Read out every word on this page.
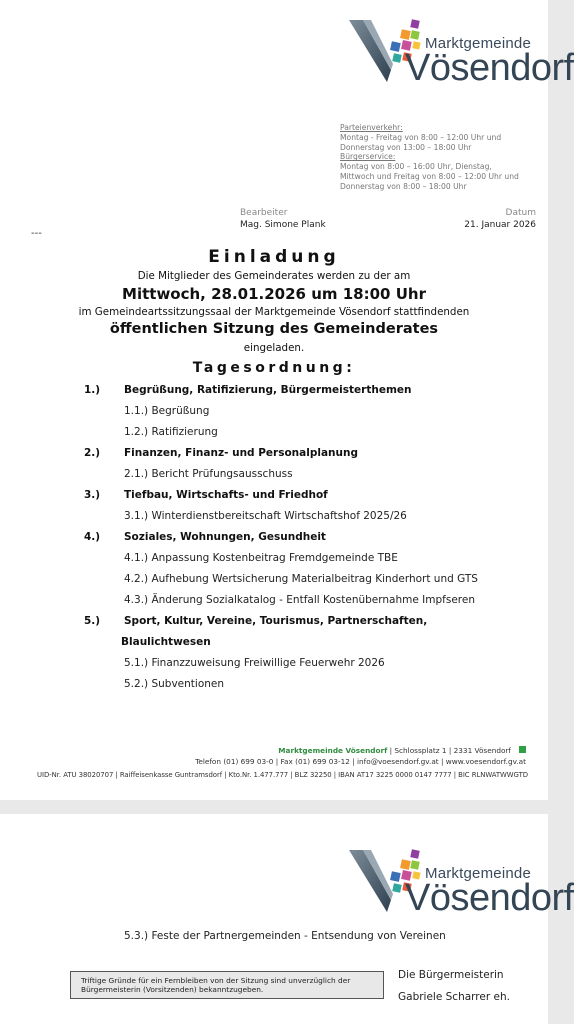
Marktgemeinde
Vösendorf
Parteienverkehr:
Montag - Freitag von 8:00 – 12:00 Uhr und
Donnerstag von 13:00 – 18:00 Uhr
Bürgerservice:
Montag von 8:00 – 16:00 Uhr, Dienstag,
Mittwoch und Freitag von 8:00 – 12:00 Uhr und
Donnerstag von 8:00 – 18:00 Uhr
Bearbeiter
Mag. Simone Plank
Datum
21. Januar 2026
---
Einladung
Die Mitglieder des Gemeinderates werden zu der am
Mittwoch, 28.01.2026 um 18:00 Uhr
im Gemeindeartssitzungssaal der Marktgemeinde Vösendorf stattfindenden
öffentlichen Sitzung des Gemeinderates
eingeladen.
Tagesordnung:
1.) Begrüßung, Ratifizierung, Bürgermeisterthemen
1.1.) Begrüßung
1.2.) Ratifizierung
2.) Finanzen, Finanz- und Personalplanung
2.1.) Bericht Prüfungsausschuss
3.) Tiefbau, Wirtschafts- und Friedhof
3.1.) Winterdienstbereitschaft Wirtschaftshof 2025/26
4.) Soziales, Wohnungen, Gesundheit
4.1.) Anpassung Kostenbeitrag Fremdgemeinde TBE
4.2.) Aufhebung Wertsicherung Materialbeitrag Kinderhort und GTS
4.3.) Änderung Sozialkatalog - Entfall Kostenübernahme Impfseren
5.) Sport, Kultur, Vereine, Tourismus, Partnerschaften,
Blaulichtwesen
5.1.) Finanzzuweisung Freiwillige Feuerwehr 2026
5.2.) Subventionen
Marktgemeinde Vösendorf | Schlossplatz 1 | 2331 Vösendorf
Telefon (01) 699 03-0 | Fax (01) 699 03-12 | info@voesendorf.gv.at | www.voesendorf.gv.at
UID-Nr. ATU 38020707 | Raiffeisenkasse Guntramsdorf | Kto.Nr. 1.477.777 | BLZ 32250 | IBAN AT17 3225 0000 0147 7777 | BIC RLNWATWWGTD
Marktgemeinde
Vösendorf
5.3.) Feste der Partnergemeinden - Entsendung von Vereinen
Triftige Gründe für ein Fernbleiben von der Sitzung sind unverzüglich der
Bürgermeisterin (Vorsitzenden) bekanntzugeben.
Die Bürgermeisterin
Gabriele Scharrer eh.
